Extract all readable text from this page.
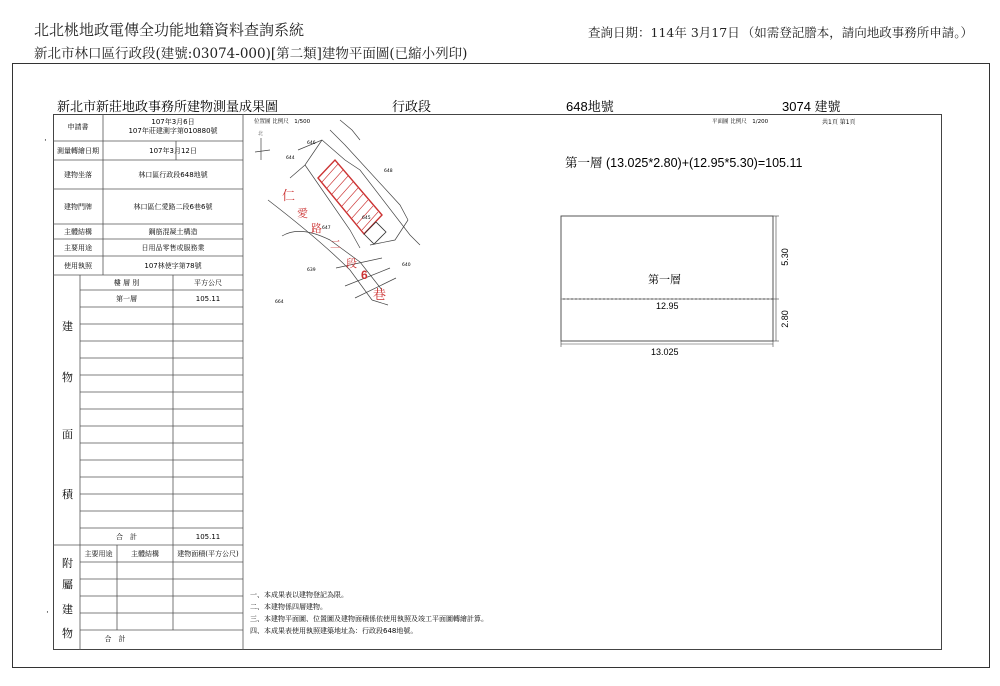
北北桃地政電傳全功能地籍資料查詢系統
新北市林口區行政段(建號:03074-000)[第二類]建物平面圖(已縮小列印)
查詢日期：114年 3月17日 （如需登記謄本，請向地政事務所申請。）
新北市新莊地政事務所建物測量成果圖	行政段	648地號	3074 建號
申請書
107年3月6日
107年莊建測字第010880號
測量轉繪日期	107年3月12日
建物坐落	林口區行政段648地號
建物門牌	林口區仁愛路二段6巷6號
主體結構	鋼筋混凝土構造
主要用途	日用品零售或服務業
使用執照	107林使字第78號
樓 層 別	平方公尺
第一層	105.11
建
物
面
積
合　計	105.11
主要用途	主體結構	建物面積(平方公尺)
附
屬
建
物	合　計
·
·
位置圖 比例尺　1/500
北
仁
愛
路
二
段
6
巷
646
644
648
645
647
639
640
664
平面圖 比例尺　1/200	共1頁 第1頁
第一層 (13.025*2.80)+(12.95*5.30)=105.11
第一層
12.95
13.025
5.30
2.80
一、本成果表以建物登記為限。
二、本建物係四層建物。
三、本建物平面圖、位置圖及建物面積係依使用執照及竣工平面圖轉繪計算。
四、本成果表使用執照建築地址為：行政段648地號。
